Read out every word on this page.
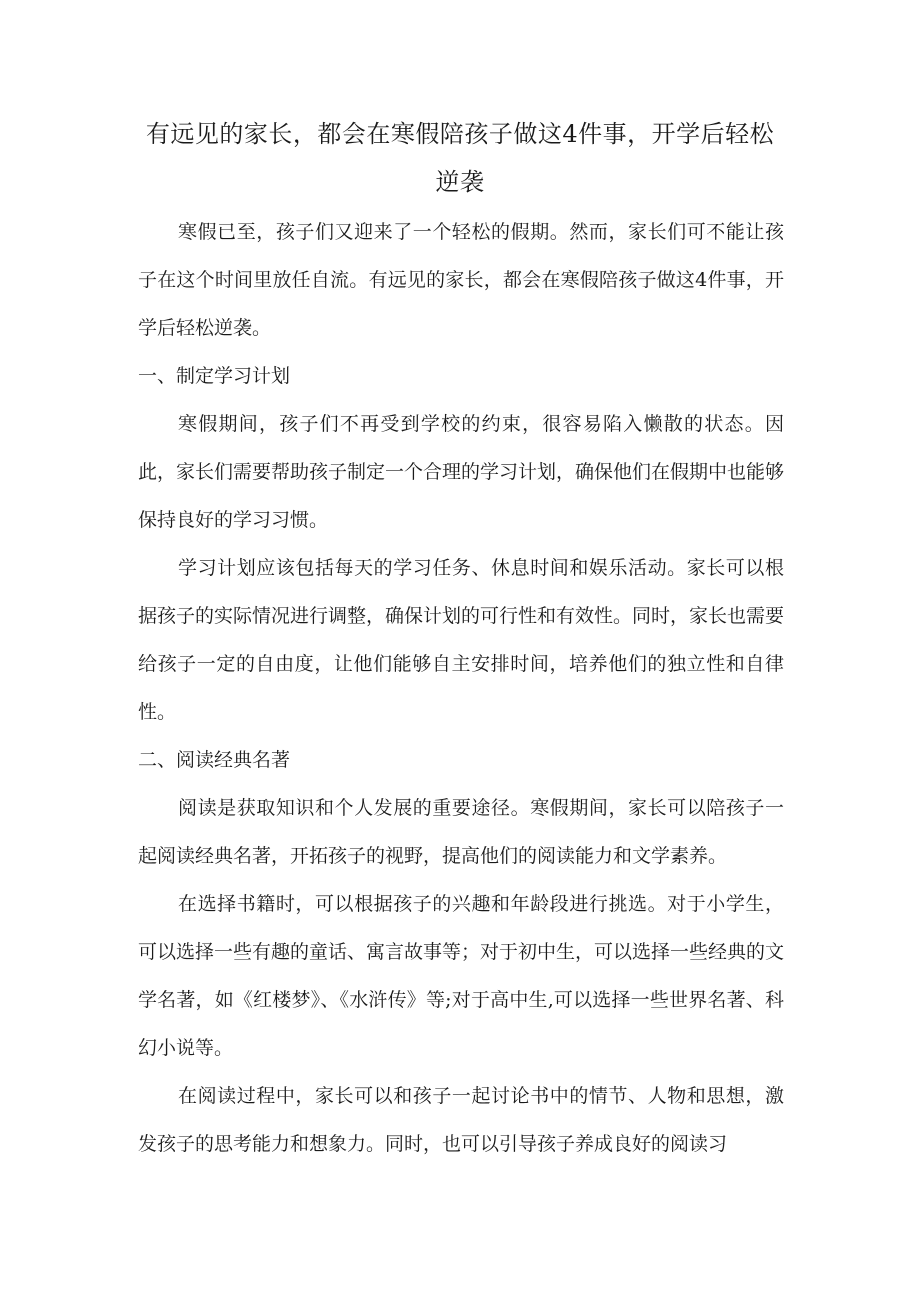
有远见的家长，都会在寒假陪孩子做这4件事，开学后轻松逆袭

寒假已至，孩子们又迎来了一个轻松的假期。然而，家长们可不能让孩子在这个时间里放任自流。有远见的家长，都会在寒假陪孩子做这4件事，开学后轻松逆袭。

一、制定学习计划

寒假期间，孩子们不再受到学校的约束，很容易陷入懒散的状态。因此，家长们需要帮助孩子制定一个合理的学习计划，确保他们在假期中也能够保持良好的学习习惯。

学习计划应该包括每天的学习任务、休息时间和娱乐活动。家长可以根据孩子的实际情况进行调整，确保计划的可行性和有效性。同时，家长也需要给孩子一定的自由度，让他们能够自主安排时间，培养他们的独立性和自律性。

二、阅读经典名著

阅读是获取知识和个人发展的重要途径。寒假期间，家长可以陪孩子一起阅读经典名著，开拓孩子的视野，提高他们的阅读能力和文学素养。

在选择书籍时，可以根据孩子的兴趣和年龄段进行挑选。对于小学生，可以选择一些有趣的童话、寓言故事等；对于初中生，可以选择一些经典的文学名著，如《红楼梦》、《水浒传》等;对于高中生,可以选择一些世界名著、科幻小说等。

在阅读过程中，家长可以和孩子一起讨论书中的情节、人物和思想，激发孩子的思考能力和想象力。同时，也可以引导孩子养成良好的阅读习
